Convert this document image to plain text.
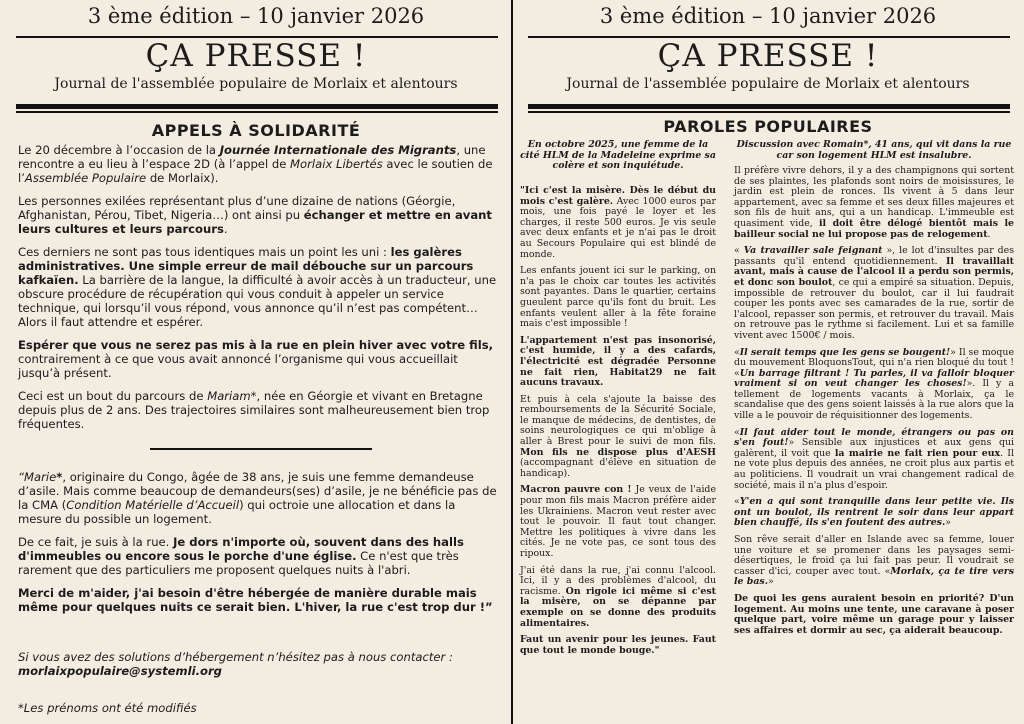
3 ème édition – 10 janvier 2026
ÇA PRESSE !
Journal de l'assemblée populaire de Morlaix et alentours
APPELS À SOLIDARITÉ

Le 20 décembre à l’occasion de la Journée Internationale des Migrants, une rencontre a eu lieu à l’espace 2D (à l’appel de Morlaix Libertés avec le soutien de l’Assemblée Populaire de Morlaix).

Les personnes exilées représentant plus d’une dizaine de nations (Géorgie, Afghanistan, Pérou, Tibet, Nigeria…) ont ainsi pu échanger et mettre en avant leurs cultures et leurs parcours.

Ces derniers ne sont pas tous identiques mais un point les uni : les galères administratives. Une simple erreur de mail débouche sur un parcours kafkaïen. La barrière de la langue, la difficulté à avoir accès à un traducteur, une obscure procédure de récupération qui vous conduit à appeler un service technique, qui lorsqu’il vous répond, vous annonce qu’il n’est pas compétent… Alors il faut attendre et espérer.

Espérer que vous ne serez pas mis à la rue en plein hiver avec votre fils, contrairement à ce que vous avait annoncé l’organisme qui vous accueillait jusqu’à présent.

Ceci est un bout du parcours de Mariam*, née en Géorgie et vivant en Bretagne depuis plus de 2 ans. Des trajectoires similaires sont malheureusement bien trop fréquentes.

“Marie*, originaire du Congo, âgée de 38 ans, je suis une femme demandeuse d’asile. Mais comme beaucoup de demandeurs(ses) d’asile, je ne bénéficie pas de la CMA (Condition Matérielle d’Accueil) qui octroie une allocation et dans la mesure du possible un logement.

De ce fait, je suis à la rue. Je dors n'importe où, souvent dans des halls d'immeubles ou encore sous le porche d'une église. Ce n'est que très rarement que des particuliers me proposent quelques nuits à l'abri.

Merci de m'aider, j'ai besoin d'être hébergée de manière durable mais même pour quelques nuits ce serait bien. L'hiver, la rue c'est trop dur !”

Si vous avez des solutions d’hébergement n’hésitez pas à nous contacter :
morlaixpopulaire@systemli.org
*Les prénoms ont été modifiés
3 ème édition – 10 janvier 2026
ÇA PRESSE !
Journal de l'assemblée populaire de Morlaix et alentours
PAROLES POPULAIRES
En octobre 2025, une femme de la cité HLM de la Madeleine exprime sa colère et son inquiétude.
Discussion avec Romain*, 41 ans, qui vit dans la rue car son logement HLM est insalubre.

"Ici c'est la misère. Dès le début du mois c'est galère. Avec 1000 euros par mois, une fois payé le loyer et les charges, il reste 500 euros. Je vis seule avec deux enfants et je n'ai pas le droit au Secours Populaire qui est blindé de monde.

Les enfants jouent ici sur le parking, on n'a pas le choix car toutes les activités sont payantes. Dans le quartier, certains gueulent parce qu'ils font du bruit. Les enfants veulent aller à la fête foraine mais c'est impossible !

L'appartement n'est pas insonorisé, c'est humide, il y a des cafards, l'électricité est dégradée Personne ne fait rien, Habitat29 ne fait aucuns travaux.

Et puis à cela s'ajoute la baisse des remboursements de la Sécurité Sociale, le manque de médecins, de dentistes, de soins neurologiques ce qui m'oblige à aller à Brest pour le suivi de mon fils. Mon fils ne dispose plus d'AESH (accompagnant d'élève en situation de handicap).

Macron pauvre con ! Je veux de l'aide pour mon fils mais Macron préfère aider les Ukrainiens. Macron veut rester avec tout le pouvoir. Il faut tout changer. Mettre les politiques à vivre dans les cités. Je ne vote pas, ce sont tous des ripoux.

J'ai été dans la rue, j'ai connu l'alcool. Ici, il y a des problèmes d'alcool, du racisme. On rigole ici même si c'est la misère, on se dépanne par exemple on se donne des produits alimentaires.

Faut un avenir pour les jeunes. Faut que tout le monde bouge."

Il préfère vivre dehors, il y a des champignons qui sortent de ses plaintes, les plafonds sont noirs de moisissures, le jardin est plein de ronces. Ils vivent à 5 dans leur appartement, avec sa femme et ses deux filles majeures et son fils de huit ans, qui a un handicap. L'immeuble est quasiment vide, il doit être délogé bientôt mais le bailleur social ne lui propose pas de relogement.

« Va travailler sale feignant », le lot d'insultes par des passants qu'il entend quotidiennement. Il travaillait avant, mais à cause de l'alcool il a perdu son permis, et donc son boulot, ce qui a empiré sa situation. Depuis, impossible de retrouver du boulot, car il lui faudrait couper les ponts avec ses camarades de la rue, sortir de l'alcool, repasser son permis, et retrouver du travail. Mais on retrouve pas le rythme si facilement. Lui et sa famille vivent avec 1500€ / mois.

«Il serait temps que les gens se bougent!» Il se moque du mouvement BloquonsTout, qui n'a rien bloqué du tout ! «Un barrage filtrant ! Tu parles, il va falloir bloquer vraiment si on veut changer les choses!». Il y a tellement de logements vacants à Morlaix, ça le scandalise que des gens soient laissés à la rue alors que la ville a le pouvoir de réquisitionner des logements.

«Il faut aider tout le monde, étrangers ou pas on s'en fout!» Sensible aux injustices et aux gens qui galèrent, il voit que la mairie ne fait rien pour eux. Il ne vote plus depuis des années, ne croit plus aux partis et au politiciens. Il voudrait un vrai changement radical de société, mais il n'a plus d'espoir.

«Y'en a qui sont tranquille dans leur petite vie. Ils ont un boulot, ils rentrent le soir dans leur appart bien chauffé, ils s'en foutent des autres.»

Son rêve serait d'aller en Islande avec sa femme, louer une voiture et se promener dans les paysages semi-désertiques, le froid ça lui fait pas peur. Il voudrait se casser d'ici, couper avec tout. «Morlaix, ça te tire vers le bas.»

De quoi les gens auraient besoin en priorité? D'un logement. Au moins une tente, une caravane à poser quelque part, voire même un garage pour y laisser ses affaires et dormir au sec, ça aiderait beaucoup.
